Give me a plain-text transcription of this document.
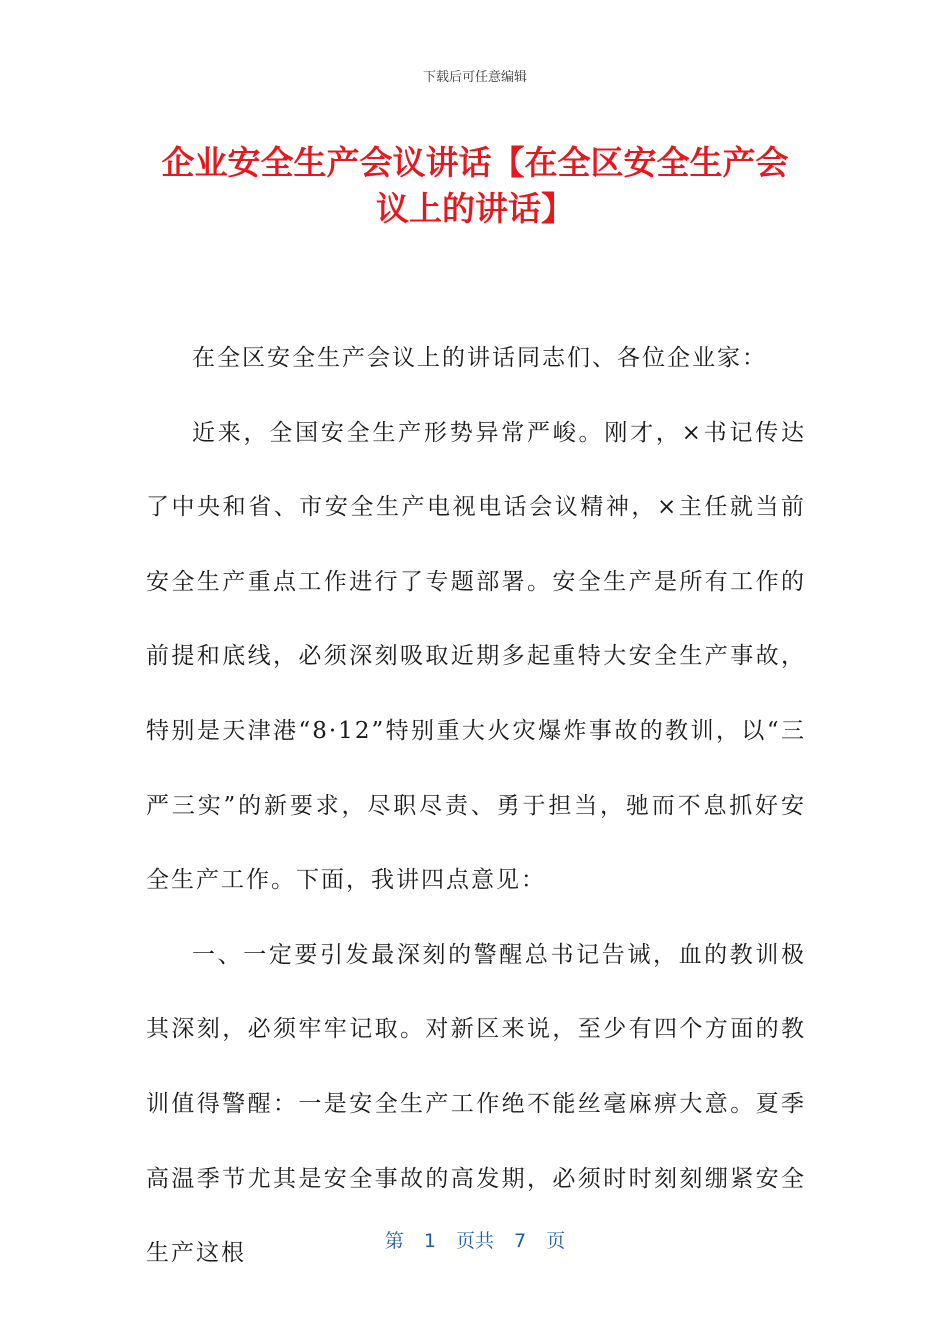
下载后可任意编辑
企业安全生产会议讲话【在全区安全生产会
议上的讲话】

在全区安全生产会议上的讲话同志们、各位企业家：

近来，全国安全生产形势异常严峻。刚才，×书记传达了中央和省、市安全生产电视电话会议精神，×主任就当前安全生产重点工作进行了专题部署。安全生产是所有工作的前提和底线，必须深刻吸取近期多起重特大安全生产事故，特别是天津港“8·12”特别重大火灾爆炸事故的教训，以“三严三实”的新要求，尽职尽责、勇于担当，驰而不息抓好安全生产工作。下面，我讲四点意见：

一、一定要引发最深刻的警醒总书记告诫，血的教训极其深刻，必须牢牢记取。对新区来说，至少有四个方面的教训值得警醒：一是安全生产工作绝不能丝毫麻痹大意。夏季高温季节尤其是安全事故的高发期，必须时时刻刻绷紧安全生产这根	第 1 页共 7 页
